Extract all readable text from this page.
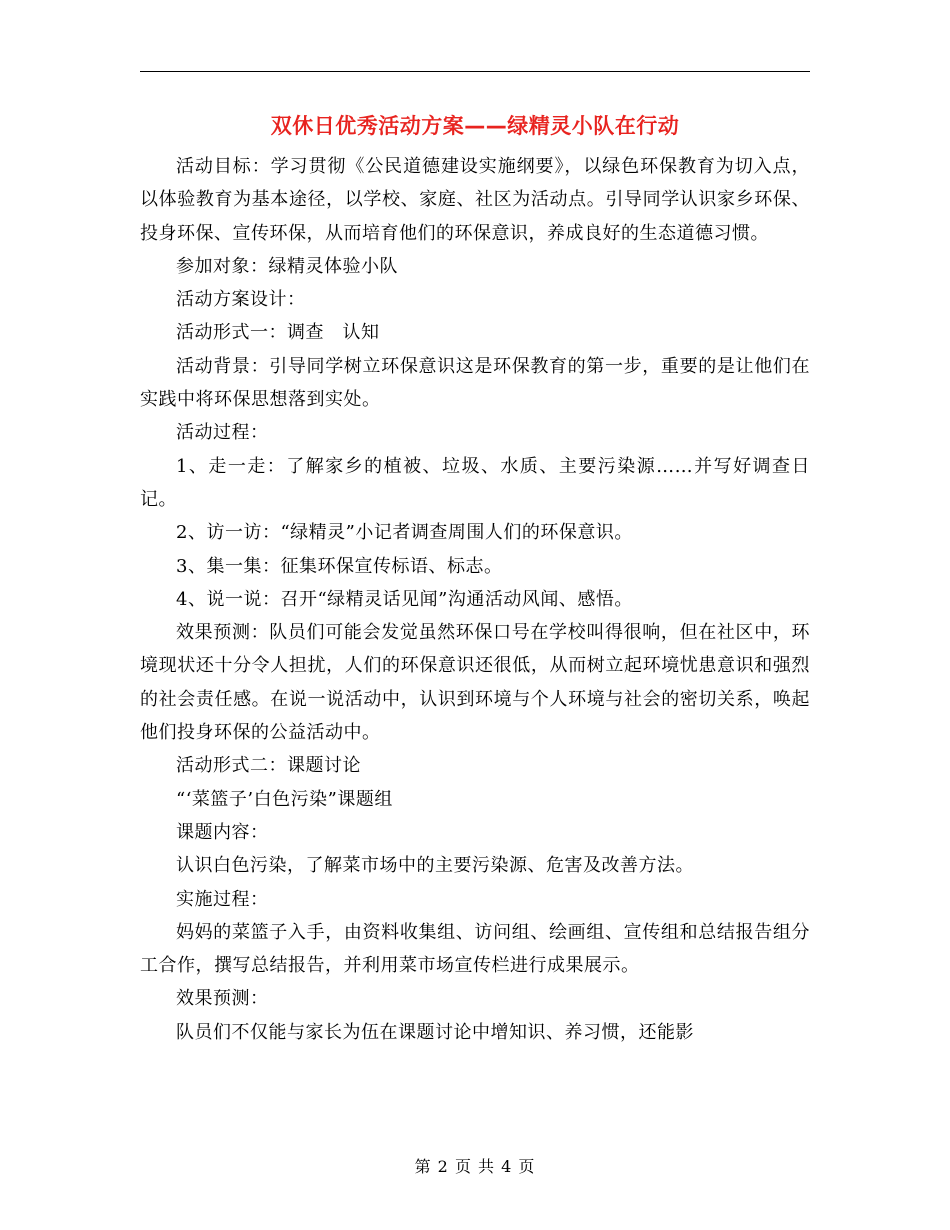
双休日优秀活动方案——绿精灵小队在行动

活动目标：学习贯彻《公民道德建设实施纲要》，以绿色环保教育为切入点，以体验教育为基本途径，以学校、家庭、社区为活动点。引导同学认识家乡环保、投身环保、宣传环保，从而培育他们的环保意识，养成良好的生态道德习惯。

参加对象：绿精灵体验小队

活动方案设计：

活动形式一：调查　认知

活动背景：引导同学树立环保意识这是环保教育的第一步，重要的是让他们在实践中将环保思想落到实处。

活动过程：

1、走一走：了解家乡的植被、垃圾、水质、主要污染源……并写好调查日记。

2、访一访：“绿精灵”小记者调查周围人们的环保意识。

3、集一集：征集环保宣传标语、标志。

4、说一说：召开“绿精灵话见闻”沟通活动风闻、感悟。

效果预测：队员们可能会发觉虽然环保口号在学校叫得很响，但在社区中，环境现状还十分令人担扰，人们的环保意识还很低，从而树立起环境忧患意识和强烈的社会责任感。在说一说活动中，认识到环境与个人环境与社会的密切关系，唤起他们投身环保的公益活动中。

活动形式二：课题讨论

“‘菜篮子’白色污染”课题组

课题内容：

认识白色污染，了解菜市场中的主要污染源、危害及改善方法。

实施过程：

妈妈的菜篮子入手，由资料收集组、访问组、绘画组、宣传组和总结报告组分工合作，撰写总结报告，并利用菜市场宣传栏进行成果展示。

效果预测：

队员们不仅能与家长为伍在课题讨论中增知识、养习惯，还能影

第 2 页 共 4 页
